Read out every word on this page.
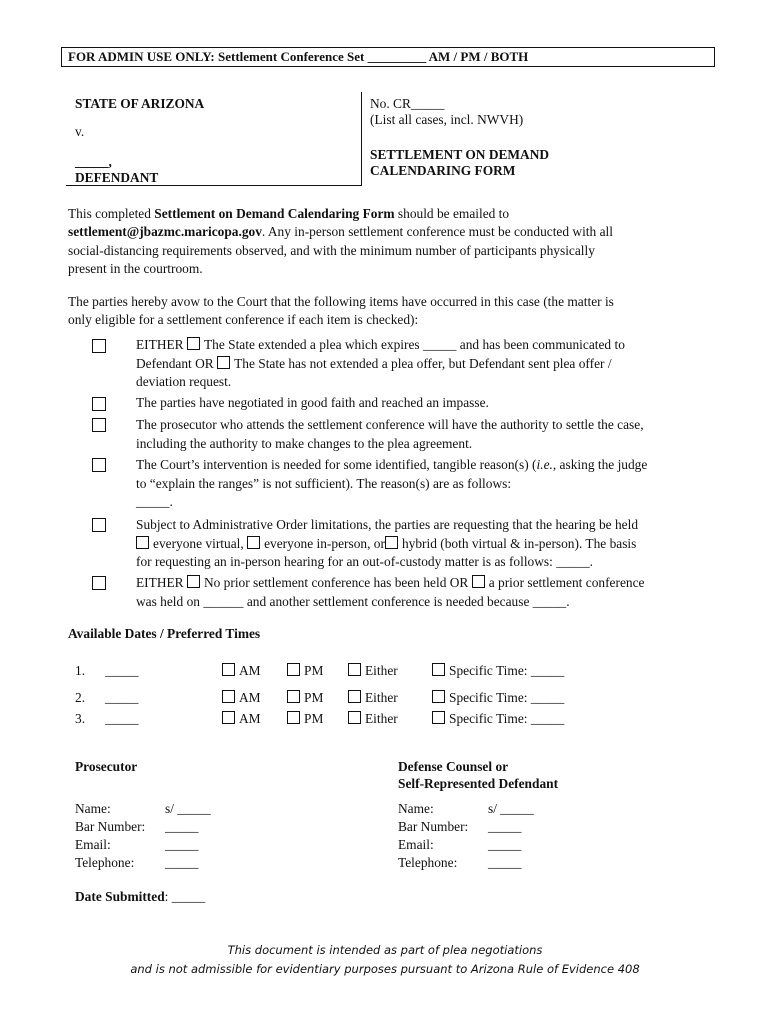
FOR ADMIN USE ONLY: Settlement Conference Set _________ AM / PM / BOTH
STATE OF ARIZONA
v.
_____,
DEFENDANT
No. CR_____
(List all cases, incl. NWVH)
SETTLEMENT ON DEMAND
CALENDARING FORM
This completed Settlement on Demand Calendaring Form should be emailed to
settlement@jbazmc.maricopa.gov. Any in-person settlement conference must be conducted with all
social-distancing requirements observed, and with the minimum number of participants physically
present in the courtroom.
The parties hereby avow to the Court that the following items have occurred in this case (the matter is
only eligible for a settlement conference if each item is checked):
EITHER The State extended a plea which expires _____ and has been communicated to
Defendant OR The State has not extended a plea offer, but Defendant sent plea offer /
deviation request.
The parties have negotiated in good faith and reached an impasse.
The prosecutor who attends the settlement conference will have the authority to settle the case,
including the authority to make changes to the plea agreement.
The Court’s intervention is needed for some identified, tangible reason(s) (i.e., asking the judge
to “explain the ranges” is not sufficient). The reason(s) are as follows:
_____.
Subject to Administrative Order limitations, the parties are requesting that the hearing be held
everyone virtual, everyone in-person, or hybrid (both virtual & in-person). The basis
for requesting an in-person hearing for an out-of-custody matter is as follows: _____.
EITHER No prior settlement conference has been held OR a prior settlement conference
was held on ______ and another settlement conference is needed because _____.
Available Dates / Preferred Times
1. _____	AM	PM	Either	Specific Time: _____
2. _____	AM	PM	Either	Specific Time: _____
3. _____	AM	PM	Either	Specific Time: _____
Prosecutor
Name:	s/ _____
Bar Number: _____
Email:	_____
Telephone: _____
Defense Counsel or
Self-Represented Defendant
Name:	s/ _____
Bar Number: _____
Email:	_____
Telephone: _____
Date Submitted: _____
This document is intended as part of plea negotiations
and is not admissible for evidentiary purposes pursuant to Arizona Rule of Evidence 408
